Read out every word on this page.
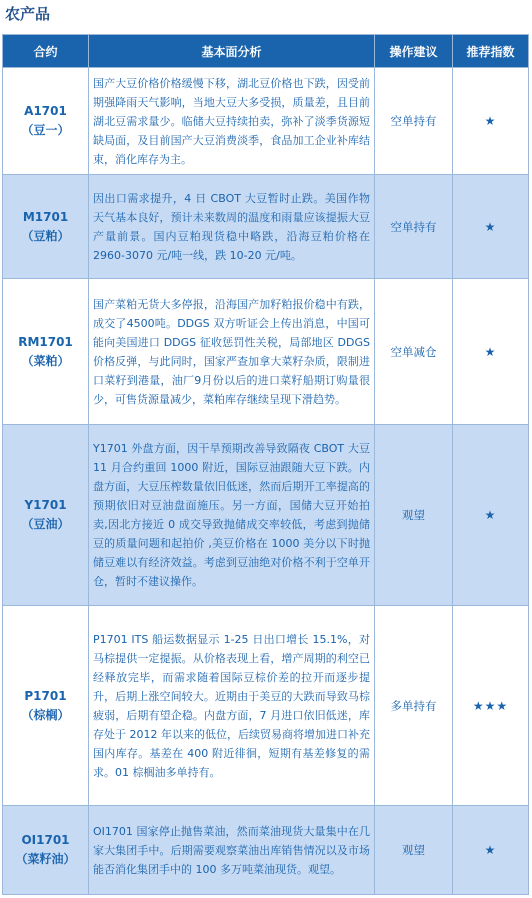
农产品
合约	基本面分析	操作建议	推荐指数

A1701
（豆一）	国产大豆价格价格缓慢下移，湖北豆价格也下跌，因受前期强降雨天气影响，当地大豆大多受损，质量差，且目前湖北豆需求量少。临储大豆持续拍卖，弥补了淡季货源短缺局面，及目前国产大豆消费淡季，食品加工企业补库结束，消化库存为主。	空单持有	★

M1701
（豆粕）	因出口需求提升，4 日 CBOT 大豆暂时止跌。美国作物天气基本良好，预计未来数周的温度和雨量应该提振大豆产量前景。国内豆粕现货稳中略跌，沿海豆粕价格在 2960-3070 元/吨一线，跌 10-20 元/吨。	空单持有	★

RM1701
（菜粕）	国产菜粕无货大多停报，沿海国产加籽粕报价稳中有跌，成交了4500吨。DDGS 双方听证会上传出消息，中国可能向美国进口 DDGS 征收惩罚性关税，局部地区 DDGS 价格反弹，与此同时，国家严查加拿大菜籽杂质，限制进口菜籽到港量，油厂9月份以后的进口菜籽船期订购量很少，可售货源量减少，菜粕库存继续呈现下滑趋势。	空单减仓	★

Y1701
（豆油）	Y1701 外盘方面，因干旱预期改善导致隔夜 CBOT 大豆 11 月合约重回 1000 附近，国际豆油跟随大豆下跌。内盘方面，大豆压榨数量依旧低迷，然而后期开工率提高的预期依旧对豆油盘面施压。另一方面，国储大豆开始拍卖,因北方接近 0 成交导致抛储成交率较低，考虑到抛储豆的质量问题和起拍价 ,美豆价格在 1000 美分以下时抛储豆难以有经济效益。考虑到豆油绝对价格不利于空单开仓，暂时不建议操作。	观望	★

P1701
（棕榈）	P1701 ITS 船运数据显示 1-25 日出口增长 15.1%，对马棕提供一定提振。从价格表现上看，增产周期的利空已经释放完毕，而需求随着国际豆棕价差的拉开而逐步提升，后期上涨空间较大。近期由于美豆的大跌而导致马棕疲弱，后期有望企稳。内盘方面，7 月进口依旧低迷，库存处于 2012 年以来的低位，后续贸易商将增加进口补充国内库存。基差在 400 附近徘徊，短期有基差修复的需求。01 棕榈油多单持有。	多单持有	★★★

OI1701
（菜籽油）	OI1701 国家停止抛售菜油，然而菜油现货大量集中在几家大集团手中。后期需要观察菜油出库销售情况以及市场能否消化集团手中的 100 多万吨菜油现货。观望。	观望	★
